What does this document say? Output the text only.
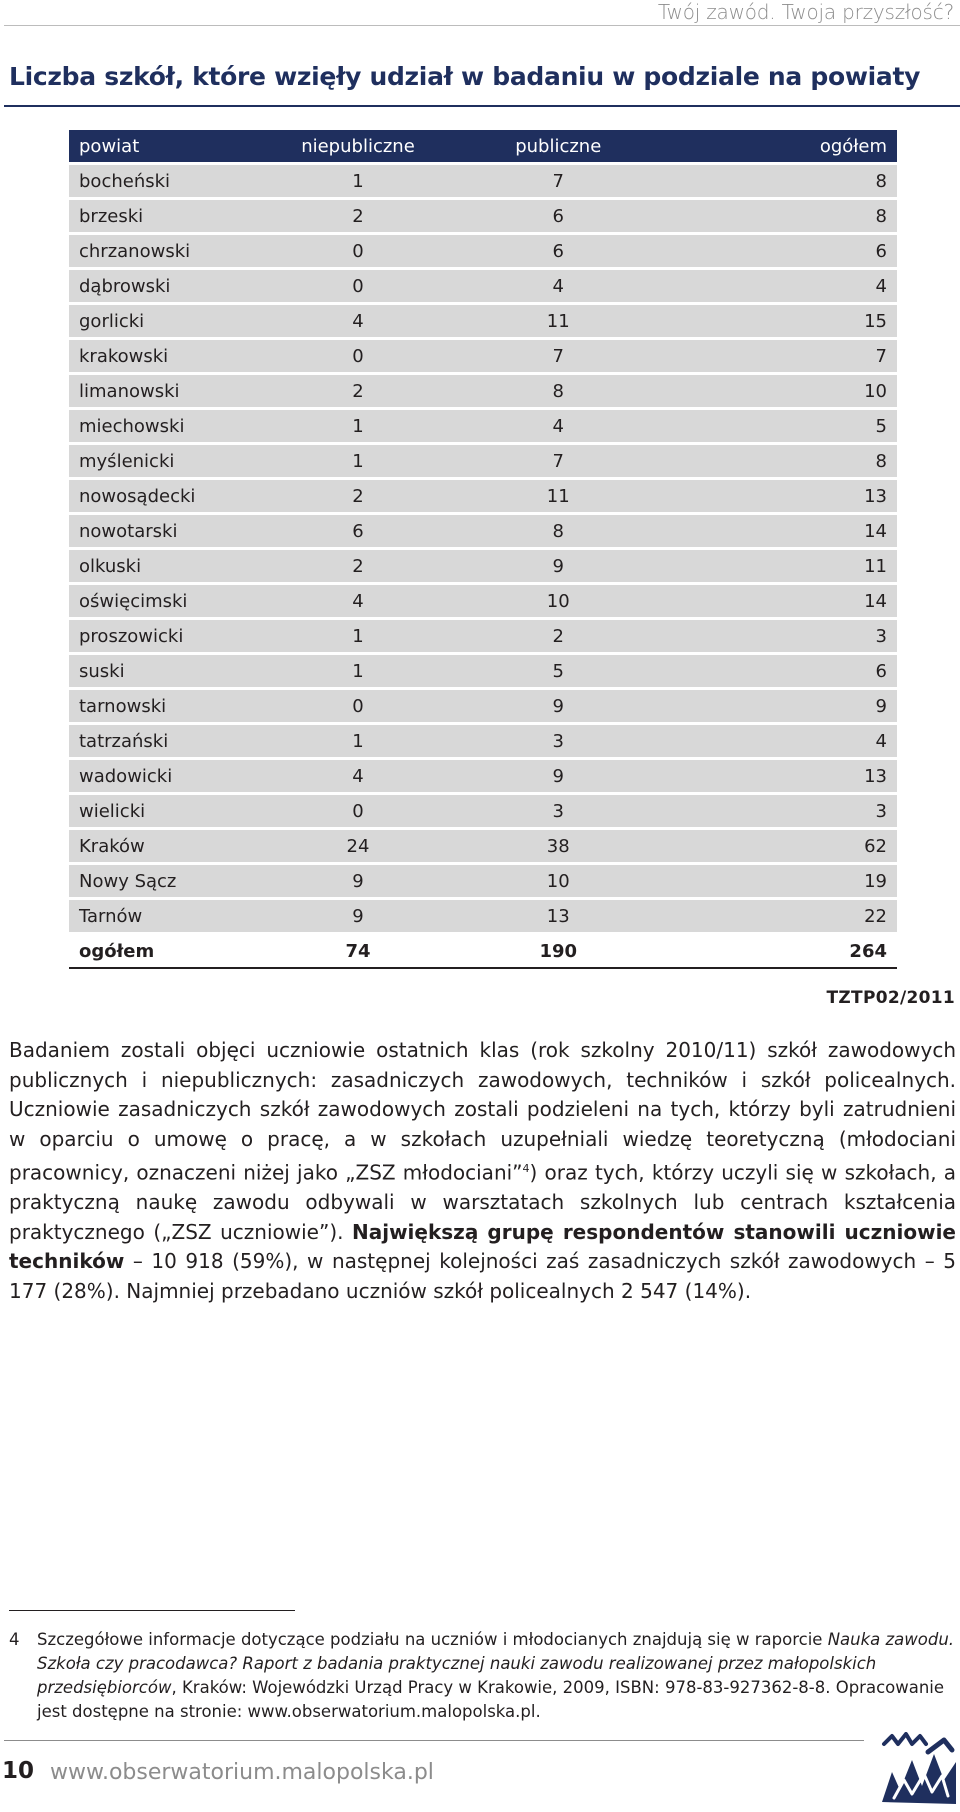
Twój zawód. Twoja przyszłość?
Liczba szkół, które wzięły udział w badaniu w podziale na powiaty
powiat	niepubliczne	publiczne	ogółem
bocheński	1	7	8
brzeski	2	6	8
chrzanowski	0	6	6
dąbrowski	0	4	4
gorlicki	4	11	15
krakowski	0	7	7
limanowski	2	8	10
miechowski	1	4	5
myślenicki	1	7	8
nowosądecki	2	11	13
nowotarski	6	8	14
olkuski	2	9	11
oświęcimski	4	10	14
proszowicki	1	2	3
suski	1	5	6
tarnowski	0	9	9
tatrzański	1	3	4
wadowicki	4	9	13
wielicki	0	3	3
Kraków	24	38	62
Nowy Sącz	9	10	19
Tarnów	9	13	22
ogółem	74	190	264
TZTP02/2011

Badaniem zostali objęci uczniowie ostatnich klas (rok szkolny 2010/11) szkół zawodowych publicznych i niepublicznych: zasadniczych zawodowych, techników i szkół policealnych. Uczniowie zasadniczych szkół zawodowych zostali podzieleni na tych, którzy byli zatrudnieni w oparciu o umowę o pracę, a w szkołach uzupełniali wiedzę teoretyczną (młodociani pracownicy, oznaczeni niżej jako „ZSZ młodociani”$^4$) oraz tych, którzy uczyli się w szkołach, a praktyczną naukę zawodu odbywali w warsztatach szkolnych lub centrach kształcenia praktycznego („ZSZ uczniowie”). Największą grupę respondentów stanowili uczniowie techników – 10 918 (59%), w następnej kolejności zaś zasadniczych szkół zawodowych – 5 177 (28%). Najmniej przebadano uczniów szkół policealnych 2 547 (14%).

4 Szczegółowe informacje dotyczące podziału na uczniów i młodocianych znajdują się w raporcie Nauka zawodu. Szkoła czy pracodawca? Raport z badania praktycznej nauki zawodu realizowanej przez małopolskich przedsiębiorców, Kraków: Wojewódzki Urząd Pracy w Krakowie, 2009, ISBN: 978-83-927362-8-8. Opracowanie jest dostępne na stronie: www.obserwatorium.malopolska.pl.
10 www.obserwatorium.malopolska.pl
